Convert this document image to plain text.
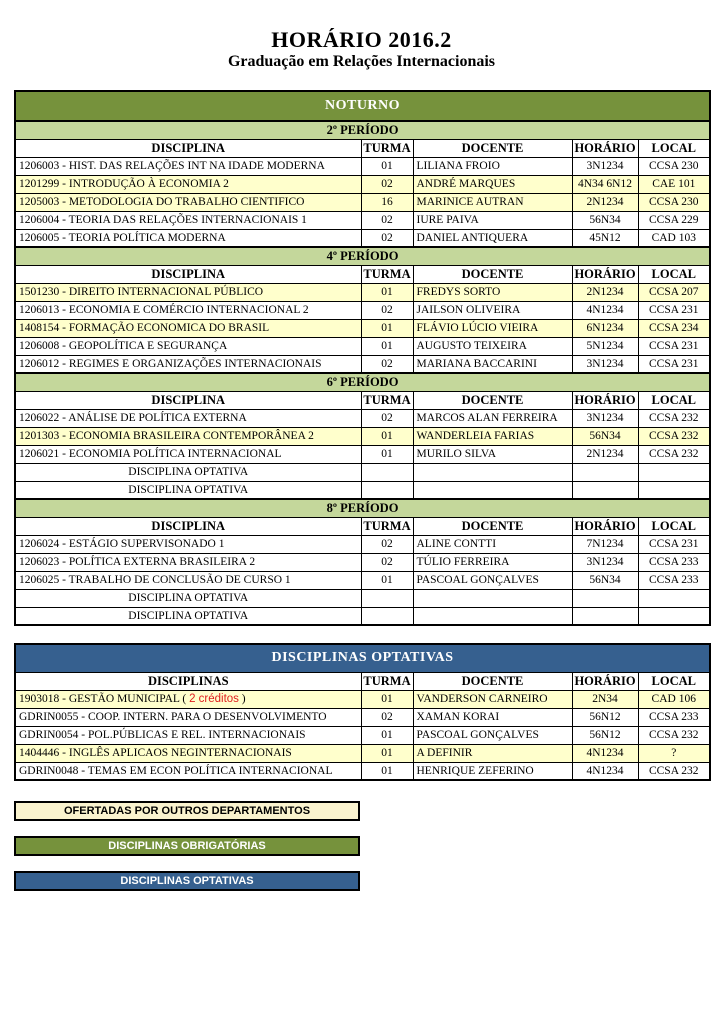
HORÁRIO 2016.2
Graduação em Relações Internacionais
NOTURNO				
2º PERÍODO				
DISCIPLINA	TURMA	DOCENTE	HORÁRIO	LOCAL
1206003 - HIST. DAS RELAÇÕES INT NA IDADE MODERNA	01	LILIANA FROIO	3N1234	CCSA 230
1201299 - INTRODUÇÃO À ECONOMIA 2	02	ANDRÉ MARQUES	4N34 6N12	CAE 101
1205003 - METODOLOGIA DO TRABALHO CIENTIFICO	16	MARINICE AUTRAN	2N1234	CCSA 230
1206004 - TEORIA DAS RELAÇÕES INTERNACIONAIS 1	02	IURE PAIVA	56N34	CCSA 229
1206005 - TEORIA POLÍTICA MODERNA	02	DANIEL ANTIQUERA	45N12	CAD 103
4º PERÍODO				
DISCIPLINA	TURMA	DOCENTE	HORÁRIO	LOCAL
1501230 - DIREITO INTERNACIONAL PÚBLICO	01	FREDYS SORTO	2N1234	CCSA 207
1206013 - ECONOMIA E COMÉRCIO INTERNACIONAL 2	02	JAILSON OLIVEIRA	4N1234	CCSA 231
1408154 - FORMAÇÃO ECONOMICA DO BRASIL	01	FLÁVIO LÚCIO VIEIRA	6N1234	CCSA 234
1206008 - GEOPOLÍTICA E SEGURANÇA	01	AUGUSTO TEIXEIRA	5N1234	CCSA 231
1206012 - REGIMES E ORGANIZAÇÕES INTERNACIONAIS	02	MARIANA BACCARINI	3N1234	CCSA 231
6º PERÍODO				
DISCIPLINA	TURMA	DOCENTE	HORÁRIO	LOCAL
1206022 - ANÁLISE DE POLÍTICA EXTERNA	02	MARCOS ALAN FERREIRA	3N1234	CCSA 232
1201303 - ECONOMIA BRASILEIRA CONTEMPORÂNEA 2	01	WANDERLEIA FARIAS	56N34	CCSA 232
1206021 - ECONOMIA POLÍTICA INTERNACIONAL	01	MURILO SILVA	2N1234	CCSA 232
DISCIPLINA OPTATIVA				
DISCIPLINA OPTATIVA				
8º PERÍODO				
DISCIPLINA	TURMA	DOCENTE	HORÁRIO	LOCAL
1206024 - ESTÁGIO SUPERVISONADO 1	02	ALINE CONTTI	7N1234	CCSA 231
1206023 - POLÍTICA EXTERNA BRASILEIRA 2	02	TÚLIO FERREIRA	3N1234	CCSA 233
1206025 - TRABALHO DE CONCLUSÃO DE CURSO 1	01	PASCOAL GONÇALVES	56N34	CCSA 233
DISCIPLINA OPTATIVA				
DISCIPLINA OPTATIVA				
DISCIPLINAS OPTATIVAS				
DISCIPLINAS	TURMA	DOCENTE	HORÁRIO	LOCAL
1903018 - GESTÃO MUNICIPAL ( 2 créditos )	01	VANDERSON CARNEIRO	2N34	CAD 106
GDRIN0055 - COOP. INTERN. PARA O DESENVOLVIMENTO	02	XAMAN KORAI	56N12	CCSA 233
GDRIN0054 - POL.PÚBLICAS E REL. INTERNACIONAIS	01	PASCOAL GONÇALVES	56N12	CCSA 232
1404446 - INGLÊS APLICAOS NEGINTERNACIONAIS	01	A DEFINIR	4N1234	?
GDRIN0048 - TEMAS EM ECON POLÍTICA INTERNACIONAL	01	HENRIQUE ZEFERINO	4N1234	CCSA 232
OFERTADAS POR OUTROS DEPARTAMENTOS
DISCIPLINAS OBRIGATÓRIAS
DISCIPLINAS OPTATIVAS
